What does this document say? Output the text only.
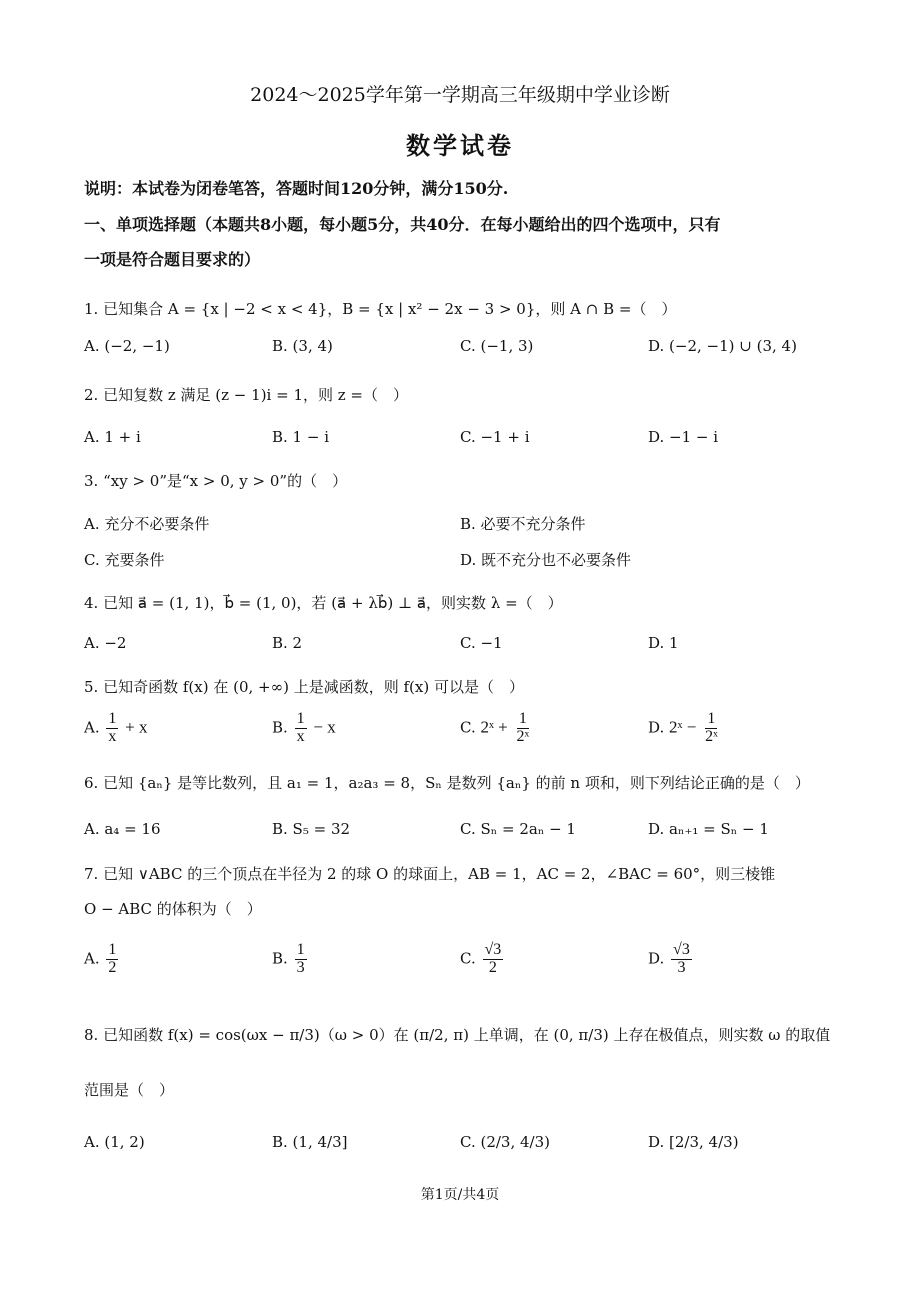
2024～2025学年第一学期高三年级期中学业诊断
数学试卷
说明：本试卷为闭卷笔答，答题时间120分钟，满分150分.
一、单项选择题（本题共8小题，每小题5分，共40分．在每小题给出的四个选项中，只有
一项是符合题目要求的）
1. 已知集合 A = {x | −2 < x < 4}，B = {x | x² − 2x − 3 > 0}，则 A ∩ B =（　）
A. (−2, −1)	B. (3, 4)	C. (−1, 3)	D. (−2, −1) ∪ (3, 4)
2. 已知复数 z 满足 (z − 1)i = 1，则 z =（　）
A. 1 + i	B. 1 − i	C. −1 + i	D. −1 − i
3. “xy > 0”是“x > 0, y > 0”的（　）
A. 充分不必要条件	B. 必要不充分条件
C. 充要条件	D. 既不充分也不必要条件
4. 已知 a⃗ = (1, 1)，b⃗ = (1, 0)，若 (a⃗ + λb⃗) ⊥ a⃗，则实数 λ =（　）
A. −2	B. 2	C. −1	D. 1
5. 已知奇函数 f(x) 在 (0, +∞) 上是减函数，则 f(x) 可以是（　）
A. $\frac{1}{x} + x$	B. $\frac{1}{x} - x$	C. 2ˣ + $\frac{1}{\text{2ˣ}}$	D. 2ˣ − $\frac{1}{\text{2ˣ}}$
6. 已知 {aₙ} 是等比数列，且 a₁ = 1，a₂a₃ = 8，Sₙ 是数列 {aₙ} 的前 n 项和，则下列结论正确的是（　）
A. a₄ = 16	B. S₅ = 32	C. Sₙ = 2aₙ − 1	D. aₙ₊₁ = Sₙ − 1
7. 已知 ∨ABC 的三个顶点在半径为 2 的球 O 的球面上，AB = 1，AC = 2，∠BAC = 60°，则三棱锥
O − ABC 的体积为（　）
A. $\frac{1}{2}$	B. $\frac{1}{3}$	C. $\frac{√3}{2}$	D. $\frac{√3}{3}$
8. 已知函数 f(x) = cos(ωx − π/3)（ω > 0）在 (π/2, π) 上单调，在 (0, π/3) 上存在极值点，则实数 ω 的取值
范围是（　）
A. (1, 2)	B. (1, 4/3]	C. (2/3, 4/3)	D. [2/3, 4/3)
第1页/共4页
